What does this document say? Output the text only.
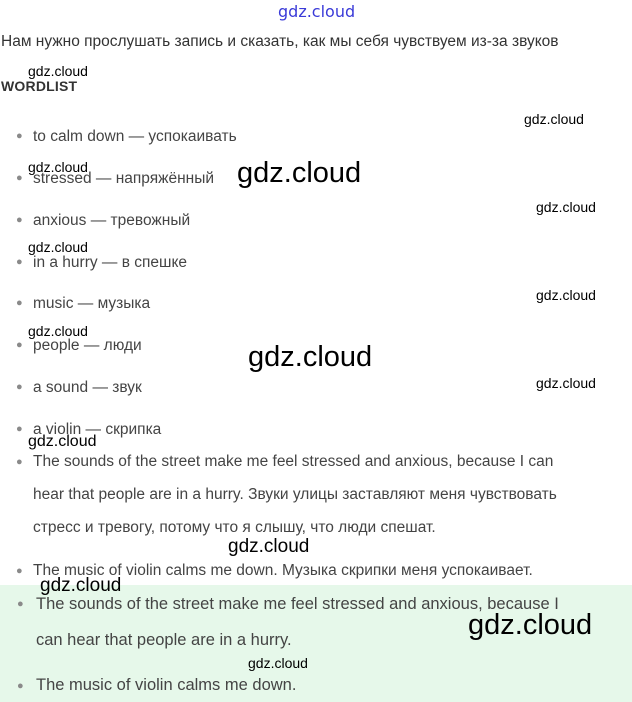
gdz.cloud
Нам нужно прослушать запись и сказать, как мы себя чувствуем из-за звуков
WORDLIST
● to calm down — успокаивать
● stressed — напряжённый
● anxious — тревожный
● in a hurry — в спешке
● music — музыка
● people — люди
● a sound — звук
● a violin — скрипка
● The sounds of the street make me feel stressed and anxious, because I can
hear that people are in a hurry. Звуки улицы заставляют меня чувствовать
стресс и тревогу, потому что я слышу, что люди спешат.
● The music of violin calms me down. Музыка скрипки меня успокаивает.
● The sounds of the street make me feel stressed and anxious, because I
can hear that people are in a hurry.
● The music of violin calms me down.
gdz.cloud
gdz.cloud
gdz.cloud
gdz.cloud
gdz.cloud
gdz.cloud
gdz.cloud
gdz.cloud
gdz.cloud
gdz.cloud
gdz.cloud
gdz.cloud
gdz.cloud
gdz.cloud
gdz.cloud
